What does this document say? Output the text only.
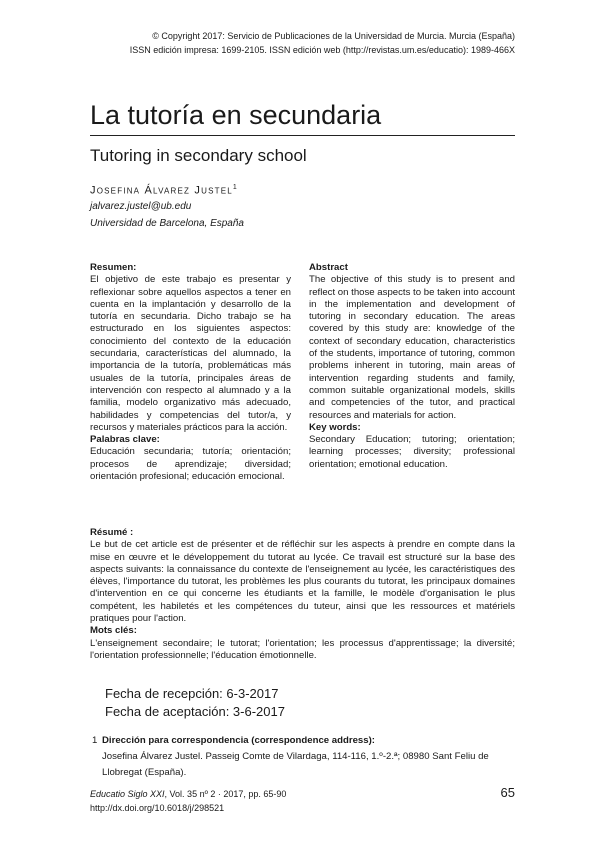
© Copyright 2017: Servicio de Publicaciones de la Universidad de Murcia. Murcia (España)
ISSN edición impresa: 1699-2105. ISSN edición web (http://revistas.um.es/educatio): 1989-466X
La tutoría en secundaria
Tutoring in secondary school
Josefina Álvarez Justel$^1$
jalvarez.justel@ub.edu
Universidad de Barcelona, España
Resumen:

El objetivo de este trabajo es presentar y reflexionar sobre aquellos aspectos a tener en cuenta en la implantación y desarrollo de la tutoría en secundaria. Dicho trabajo se ha estructurado en los siguientes aspectos: conocimiento del contexto de la educación secundaria, características del alumnado, la importancia de la tutoría, problemáticas más usuales de la tutoría, principales áreas de intervención con respecto al alumnado y a la familia, modelo organizativo más adecuado, habilidades y competencias del tutor/a, y recursos y materiales prácticos para la acción.

Palabras clave:

Educación secundaria; tutoría; orientación; procesos de aprendizaje; diversidad; orientación profesional; educación emocional.

Abstract

The objective of this study is to present and reflect on those aspects to be taken into account in the implementation and development of tutoring in secondary education. The areas covered by this study are: knowledge of the context of secondary education, characteristics of the students, importance of tutoring, common problems inherent in tutoring, main areas of intervention regarding students and family, common suitable organizational models, skills and competencies of the tutor, and practical resources and materials for action.

Key words:

Secondary Education; tutoring; orientation; learning processes; diversity; professional orientation; emotional education.

Résumé :

Le but de cet article est de présenter et de réfléchir sur les aspects à prendre en compte dans la mise en œuvre et le développement du tutorat au lycée. Ce travail est structuré sur la base des aspects suivants: la connaissance du contexte de l'enseignement au lycée, les caractéristiques des élèves, l'importance du tutorat, les problèmes les plus courants du tutorat, les principaux domaines d'intervention en ce qui concerne les étudiants et la famille, le modèle d'organisation le plus compétent, les habiletés et les compétences du tuteur, ainsi que les ressources et matériels pratiques pour l'action.

Mots clés:

L'enseignement secondaire; le tutorat; l'orientation; les processus d'apprentissage; la diversité; l'orientation professionnelle; l'éducation émotionnelle.

Fecha de recepción: 6-3-2017
Fecha de aceptación: 3-6-2017
1 Dirección para correspondencia (correspondence address):
Josefina Álvarez Justel. Passeig Comte de Vilardaga, 114-116, 1.º-2.ª; 08980 Sant Feliu de Llobregat (España).
Educatio Siglo XXI, Vol. 35 nº 2 · 2017, pp. 65-90
http://dx.doi.org/10.6018/j/298521
65
